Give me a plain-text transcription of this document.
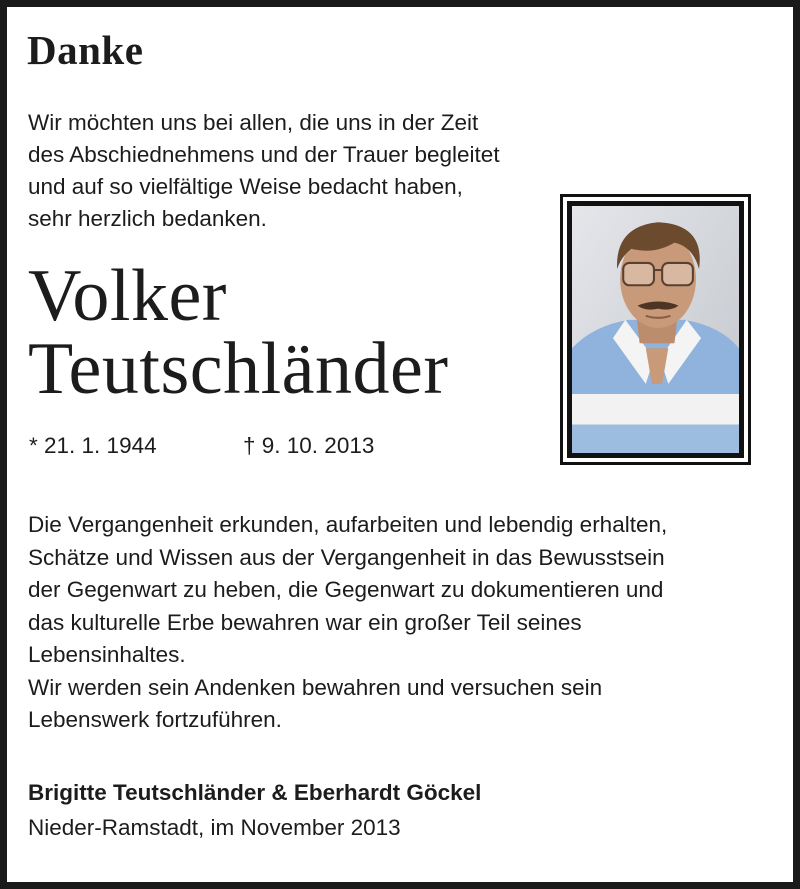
Danke
Wir möchten uns bei allen, die uns in der Zeit
des Abschiednehmens und der Trauer begleitet
und auf so vielfältige Weise bedacht haben,
sehr herzlich bedanken.
Volker
Teutschländer
* 21. 1. 1944	† 9. 10. 2013
Die Vergangenheit erkunden, aufarbeiten und lebendig erhalten,
Schätze und Wissen aus der Vergangenheit in das Bewusstsein
der Gegenwart zu heben, die Gegenwart zu dokumentieren und
das kulturelle Erbe bewahren war ein großer Teil seines
Lebensinhaltes.
Wir werden sein Andenken bewahren und versuchen sein
Lebenswerk fortzuführen.
Brigitte Teutschländer & Eberhardt Göckel
Nieder-Ramstadt, im November 2013
